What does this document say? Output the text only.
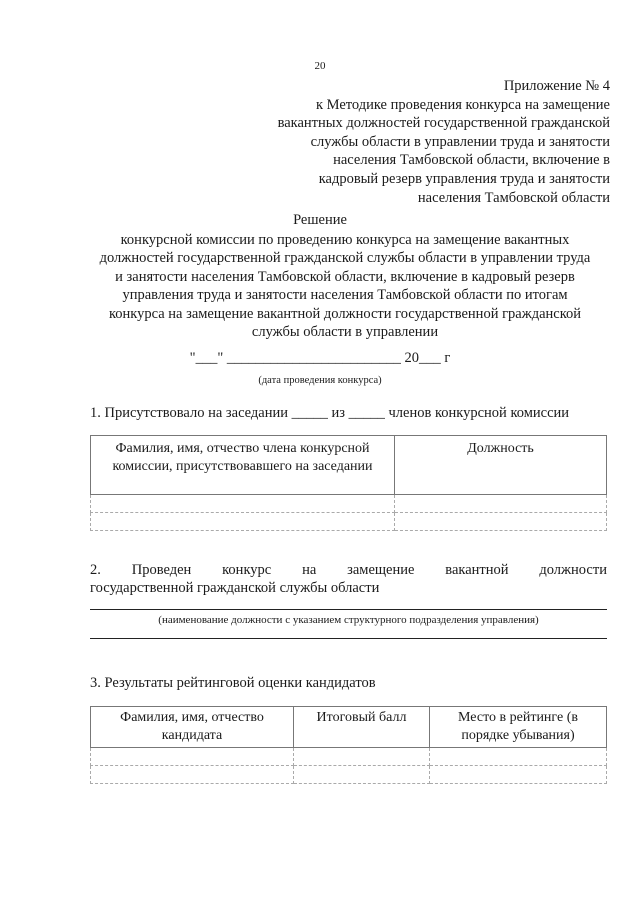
20
Приложение № 4
к Методике проведения конкурса на замещение
вакантных должностей государственной гражданской
службы области в управлении труда и занятости
населения Тамбовской области, включение в
кадровый резерв управления труда и занятости
населения Тамбовской области
Решение
конкурсной комиссии по проведению конкурса на замещение вакантных
должностей государственной гражданской службы области в управлении труда
и занятости населения Тамбовской области, включение в кадровый резерв
управления труда и занятости населения Тамбовской области по итогам
конкурса на замещение вакантной должности государственной гражданской
службы области в управлении
"___" ________________________ 20___ г
(дата проведения конкурса)
1. Присутствовало на заседании _____ из _____ членов конкурсной комиссии
Фамилия, имя, отчество члена конкурсной комиссии, присутствовавшего на заседании	Должность

2. Проведен конкурс на замещение вакантной должности
государственной гражданской службы области
(наименование должности с указанием структурного подразделения управления)
3. Результаты рейтинговой оценки кандидатов
Фамилия, имя, отчество кандидата	Итоговый балл	Место в рейтинге (в порядке убывания)
